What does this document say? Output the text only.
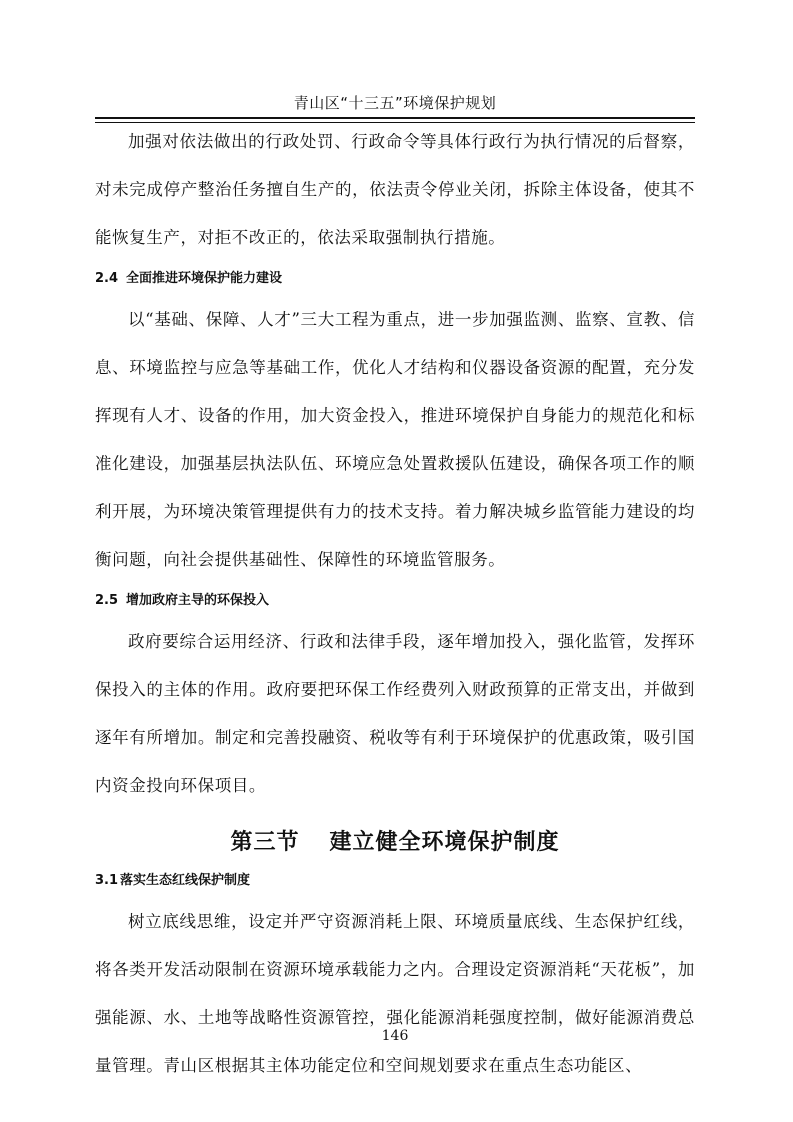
青山区“十三五”环境保护规划

加强对依法做出的行政处罚、行政命令等具体行政行为执行情况的后督察，对未完成停产整治任务擅自生产的，依法责令停业关闭，拆除主体设备，使其不能恢复生产，对拒不改正的，依法采取强制执行措施。

2.4 全面推进环境保护能力建设

以“基础、保障、人才”三大工程为重点，进一步加强监测、监察、宣教、信息、环境监控与应急等基础工作，优化人才结构和仪器设备资源的配置，充分发挥现有人才、设备的作用，加大资金投入，推进环境保护自身能力的规范化和标准化建设，加强基层执法队伍、环境应急处置救援队伍建设，确保各项工作的顺利开展，为环境决策管理提供有力的技术支持。着力解决城乡监管能力建设的均衡问题，向社会提供基础性、保障性的环境监管服务。

2.5 增加政府主导的环保投入

政府要综合运用经济、行政和法律手段，逐年增加投入，强化监管，发挥环保投入的主体的作用。政府要把环保工作经费列入财政预算的正常支出，并做到逐年有所增加。制定和完善投融资、税收等有利于环境保护的优惠政策，吸引国内资金投向环保项目。

第三节 建立健全环境保护制度
3.1 落实生态红线保护制度

树立底线思维，设定并严守资源消耗上限、环境质量底线、生态保护红线，将各类开发活动限制在资源环境承载能力之内。合理设定资源消耗“天花板”，加强能源、水、土地等战略性资源管控，强化能源消耗强度控制，做好能源消费总量管理。青山区根据其主体功能定位和空间规划要求在重点生态功能区、

146
